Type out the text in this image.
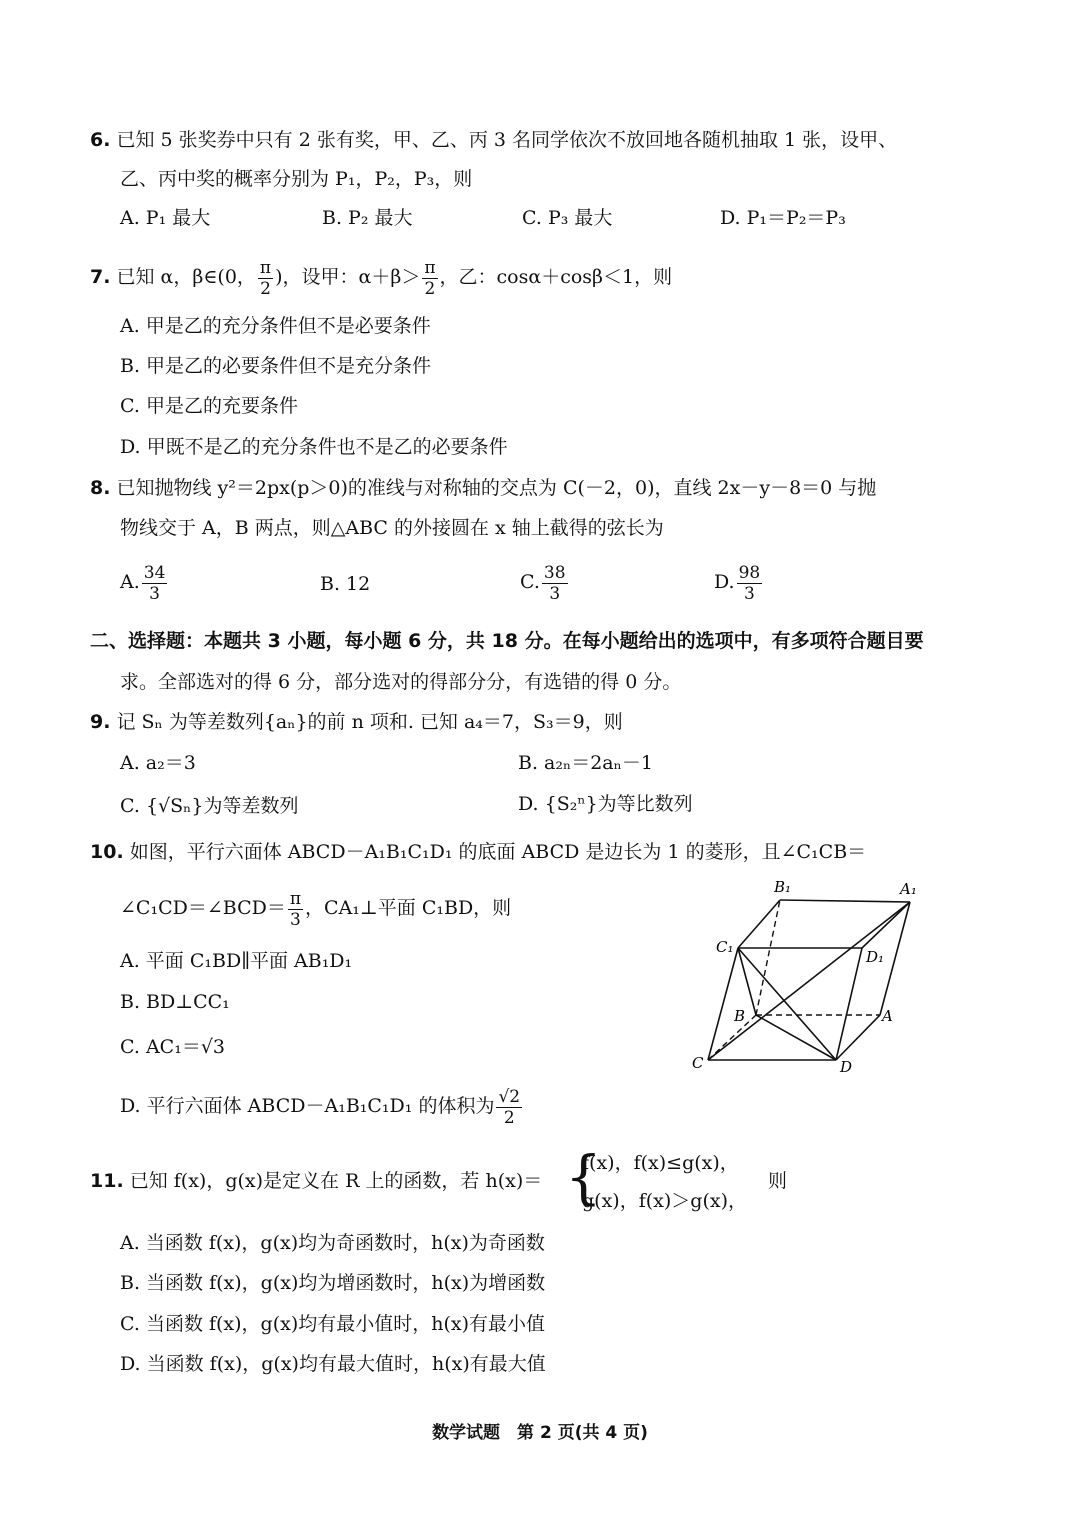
6. 已知 5 张奖券中只有 2 张有奖，甲、乙、丙 3 名同学依次不放回地各随机抽取 1 张，设甲、
乙、丙中奖的概率分别为 P₁，P₂，P₃，则
A. P₁ 最大	B. P₂ 最大	C. P₃ 最大	D. P₁＝P₂＝P₃
7. 已知 α，β∈(0， $\frac{\pi}{2}$ )，设甲：$\alpha+\beta> \frac{\pi}{2}$ ，乙：cosα＋cosβ＜1，则
A. 甲是乙的充分条件但不是必要条件
B. 甲是乙的必要条件但不是充分条件
C. 甲是乙的充要条件
D. 甲既不是乙的充分条件也不是乙的必要条件
8. 已知抛物线 y²＝2px(p＞0)的准线与对称轴的交点为 C(－2，0)，直线 2x－y－8＝0 与抛
物线交于 A，B 两点，则△ABC 的外接圆在 x 轴上截得的弦长为
A. $\frac{34}{3}$	B. 12	C. $\frac{38}{3}$	D. $\frac{98}{3}$
二、选择题：本题共 3 小题，每小题 6 分，共 18 分。在每小题给出的选项中，有多项符合题目要
求。全部选对的得 6 分，部分选对的得部分分，有选错的得 0 分。
9. 记 Sₙ 为等差数列{aₙ}的前 n 项和. 已知 a₄＝7，S₃＝9，则
A. a₂＝3	B. a₂ₙ＝2aₙ－1
C. {√Sₙ}为等差数列	D. {S₂ⁿ}为等比数列
10. 如图，平行六面体 ABCD－A₁B₁C₁D₁ 的底面 ABCD 是边长为 1 的菱形，且∠C₁CB＝
∠C₁CD＝∠BCD＝ $\frac{\pi}{3}$ ，CA₁⊥平面 C₁BD，则
A. 平面 C₁BD∥平面 AB₁D₁
B. BD⊥CC₁
C. AC₁＝√3
D. 平行六面体 ABCD－A₁B₁C₁D₁ 的体积为 $\frac{√2}{2}$
B₁	A₁
C₁
D₁
B	A
C	D
11. 已知 f(x)，g(x)是定义在 R 上的函数，若 h(x)＝ {
f(x)，f(x)≤g(x)，
g(x)，f(x)＞g(x)，
则
A. 当函数 f(x)，g(x)均为奇函数时，h(x)为奇函数
B. 当函数 f(x)，g(x)均为增函数时，h(x)为增函数
C. 当函数 f(x)，g(x)均有最小值时，h(x)有最小值
D. 当函数 f(x)，g(x)均有最大值时，h(x)有最大值
数学试题　第 2 页(共 4 页)
